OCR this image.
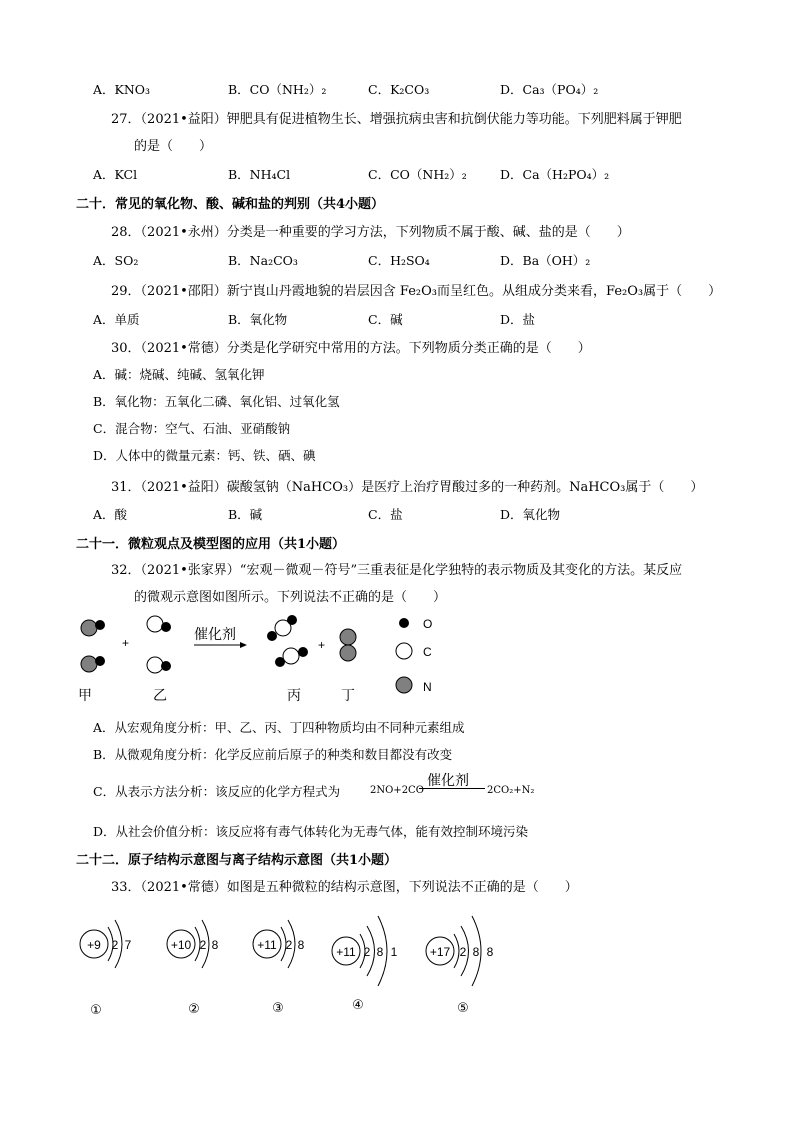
A．KNO₃	B．CO（NH₂）₂	C．K₂CO₃	D．Ca₃（PO₄）₂
27．（2021•益阳）钾肥具有促进植物生长、增强抗病虫害和抗倒伏能力等功能。下列肥料属于钾肥
的是（　　）
A．KCl	B．NH₄Cl	C．CO（NH₂）₂	D．Ca（H₂PO₄）₂
二十．常见的氧化物、酸、碱和盐的判别（共4小题）
28．（2021•永州）分类是一种重要的学习方法，下列物质不属于酸、碱、盐的是（　　）
A．SO₂	B．Na₂CO₃	C．H₂SO₄	D．Ba（OH）₂
29．（2021•邵阳）新宁崀山丹霞地貌的岩层因含 Fe₂O₃而呈红色。从组成分类来看，Fe₂O₃属于（　　）
A．单质	B．氧化物	C．碱	D．盐
30．（2021•常德）分类是化学研究中常用的方法。下列物质分类正确的是（　　）
A．碱：烧碱、纯碱、氢氧化钾
B．氧化物：五氧化二磷、氧化铝、过氧化氢
C．混合物：空气、石油、亚硝酸钠
D．人体中的微量元素：钙、铁、硒、碘
31．（2021•益阳）碳酸氢钠（NaHCO₃）是医疗上治疗胃酸过多的一种药剂。NaHCO₃属于（　　）
A．酸	B．碱	C．盐	D．氧化物
二十一．微粒观点及模型图的应用（共1小题）
32．（2021•张家界）“宏观－微观－符号”三重表征是化学独特的表示物质及其变化的方法。某反应
的微观示意图如图所示。下列说法不正确的是（　　）
+
催化剂
+
O
C
N
甲	乙	丙	丁
+9 2 7
①
+10 2 8
②
+11 2 8
③
+11 2 8 1
④
+17 2 8 8
⑤
A．从宏观角度分析：甲、乙、丙、丁四种物质均由不同种元素组成
B．从微观角度分析：化学反应前后原子的种类和数目都没有改变
C．从表示方法分析：该反应的化学方程式为	2NO+2CO
催化剂
2CO₂+N₂
D．从社会价值分析：该反应将有毒气体转化为无毒气体，能有效控制环境污染
二十二．原子结构示意图与离子结构示意图（共1小题）
33．（2021•常德）如图是五种微粒的结构示意图，下列说法不正确的是（　　）
